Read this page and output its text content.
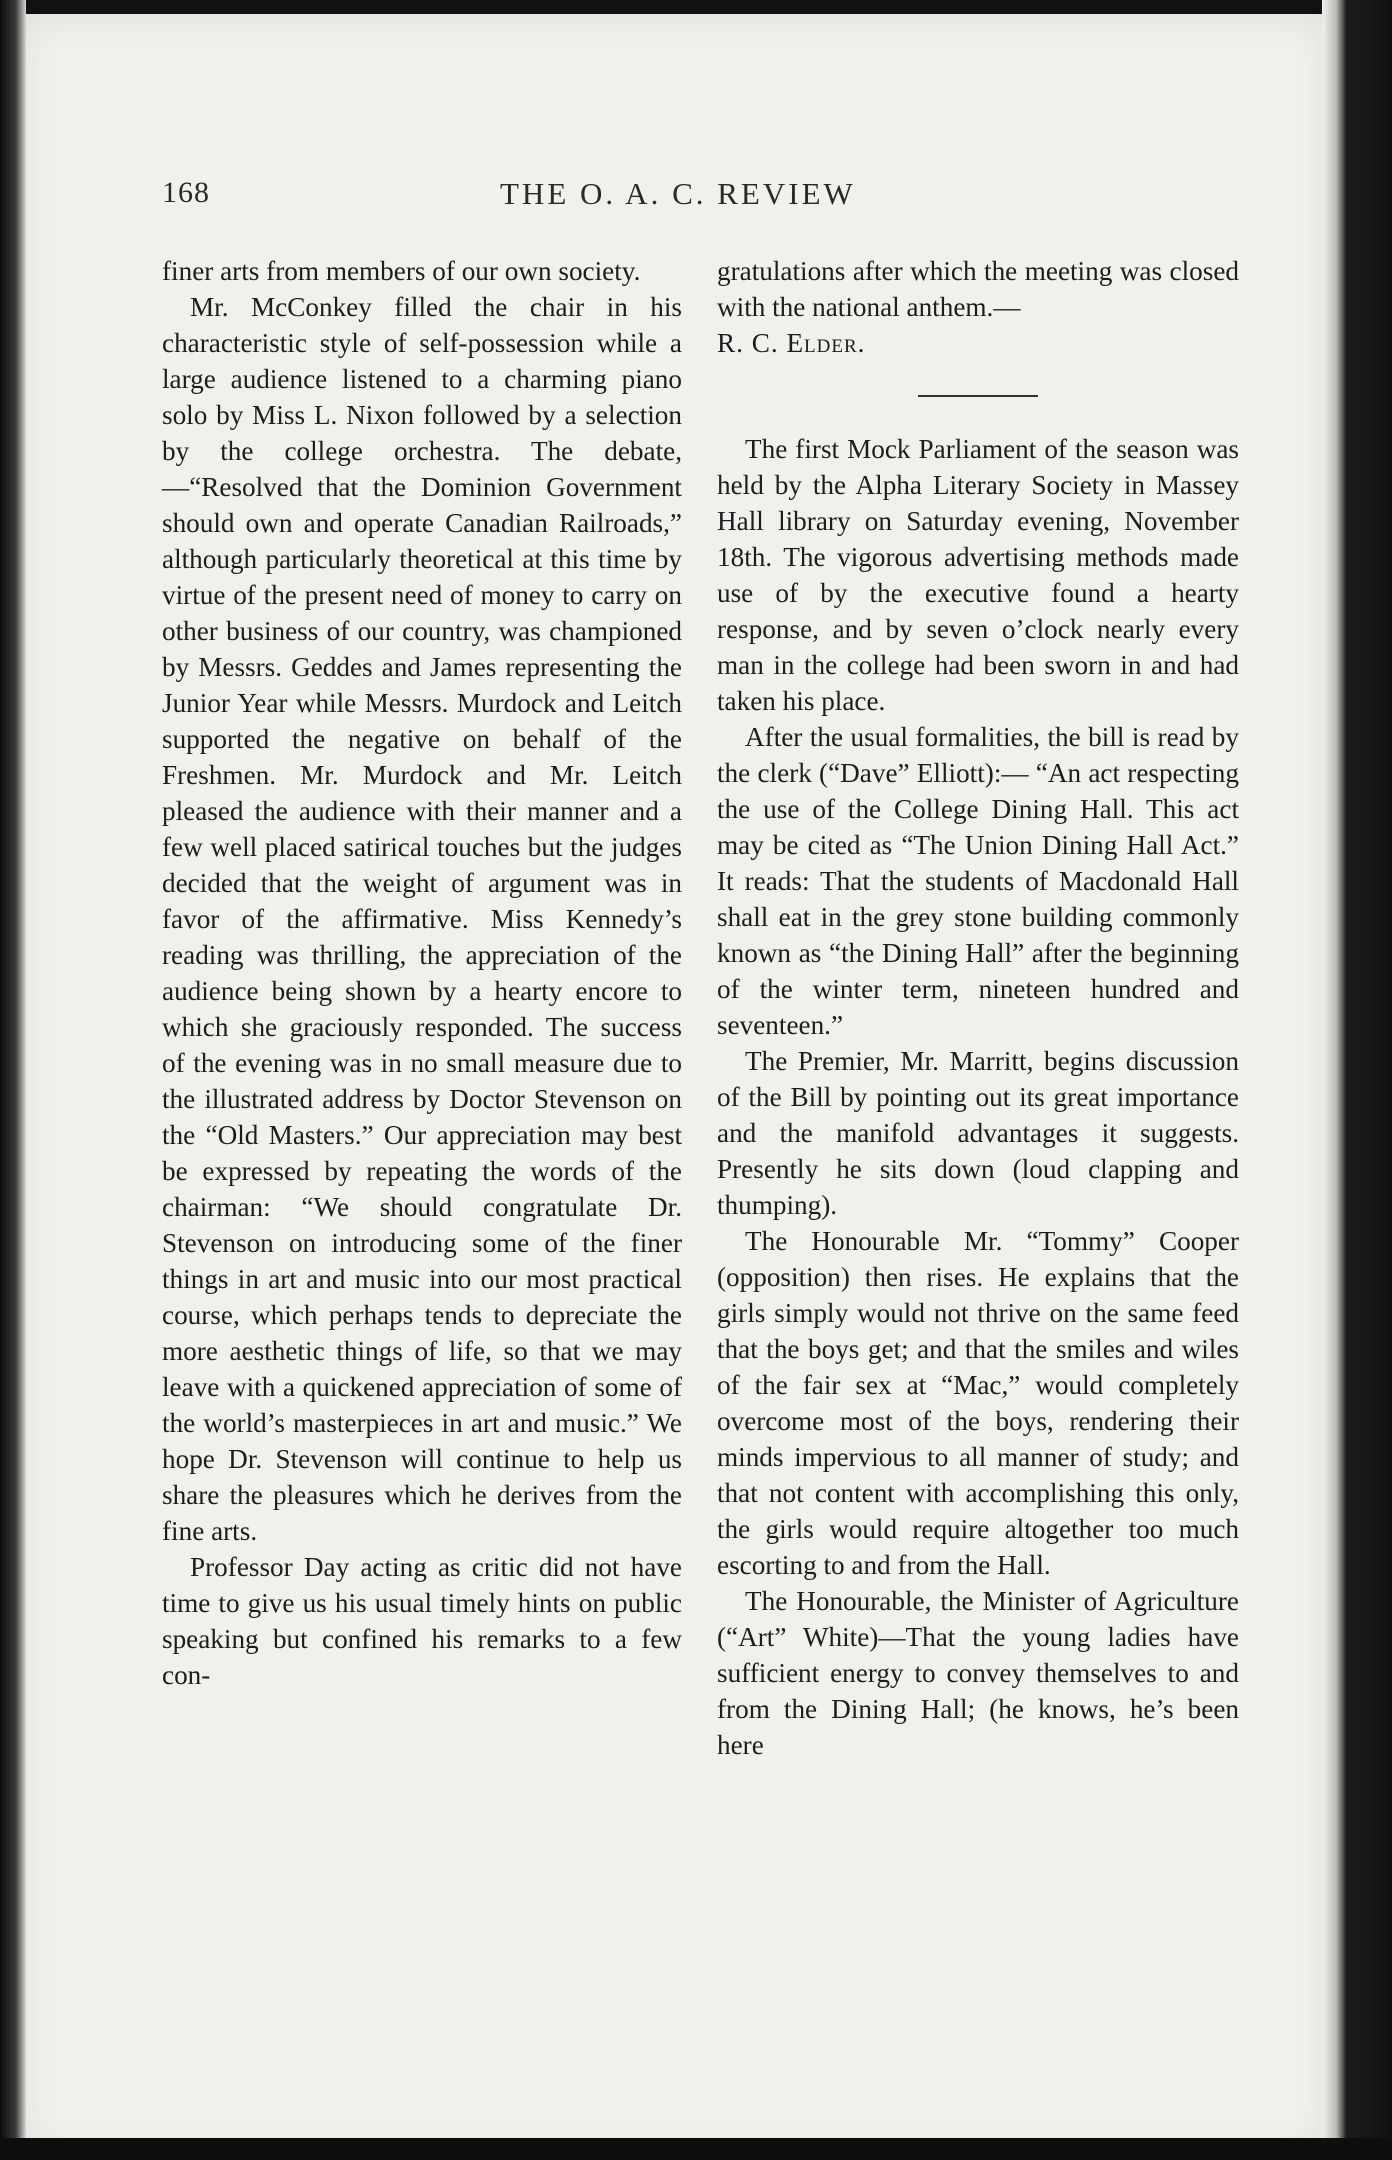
168	THE O. A. C. REVIEW

finer arts from members of our own society.

Mr. McConkey filled the chair in his characteristic style of self-possession while a large audience listened to a charming piano solo by Miss L. Nixon followed by a selection by the college orchestra. The debate,—“Resolved that the Dominion Government should own and operate Canadian Railroads,” although particularly theoretical at this time by virtue of the present need of money to carry on other business of our country, was championed by Messrs. Geddes and James representing the Junior Year while Messrs. Murdock and Leitch supported the negative on behalf of the Freshmen. Mr. Murdock and Mr. Leitch pleased the audience with their manner and a few well placed satirical touches but the judges decided that the weight of argument was in favor of the affirmative. Miss Kennedy’s reading was thrilling, the appreciation of the audience being shown by a hearty encore to which she graciously responded. The success of the evening was in no small measure due to the illustrated address by Doctor Stevenson on the “Old Masters.” Our appreciation may best be expressed by repeating the words of the chairman: “We should congratulate Dr. Stevenson on introducing some of the finer things in art and music into our most practical course, which perhaps tends to depreciate the more aesthetic things of life, so that we may leave with a quickened appreciation of some of the world’s masterpieces in art and music.” We hope Dr. Stevenson will continue to help us share the pleasures which he derives from the fine arts.

Professor Day acting as critic did not have time to give us his usual timely hints on public speaking but confined his remarks to a few con-

gratulations after which the meeting was closed with the national anthem.—

R. C. Elder.

The first Mock Parliament of the season was held by the Alpha Literary Society in Massey Hall library on Saturday evening, November 18th. The vigorous advertising methods made use of by the executive found a hearty response, and by seven o’clock nearly every man in the college had been sworn in and had taken his place.

After the usual formalities, the bill is read by the clerk (“Dave” Elliott):— “An act respecting the use of the College Dining Hall. This act may be cited as “The Union Dining Hall Act.” It reads: That the students of Macdonald Hall shall eat in the grey stone building commonly known as “the Dining Hall” after the beginning of the winter term, nineteen hundred and seventeen.”

The Premier, Mr. Marritt, begins discussion of the Bill by pointing out its great importance and the manifold advantages it suggests. Presently he sits down (loud clapping and thumping).

The Honourable Mr. “Tommy” Cooper (opposition) then rises. He explains that the girls simply would not thrive on the same feed that the boys get; and that the smiles and wiles of the fair sex at “Mac,” would completely overcome most of the boys, rendering their minds impervious to all manner of study; and that not content with accomplishing this only, the girls would require altogether too much escorting to and from the Hall.

The Honourable, the Minister of Agriculture (“Art” White)—That the young ladies have sufficient energy to convey themselves to and from the Dining Hall; (he knows, he’s been here
